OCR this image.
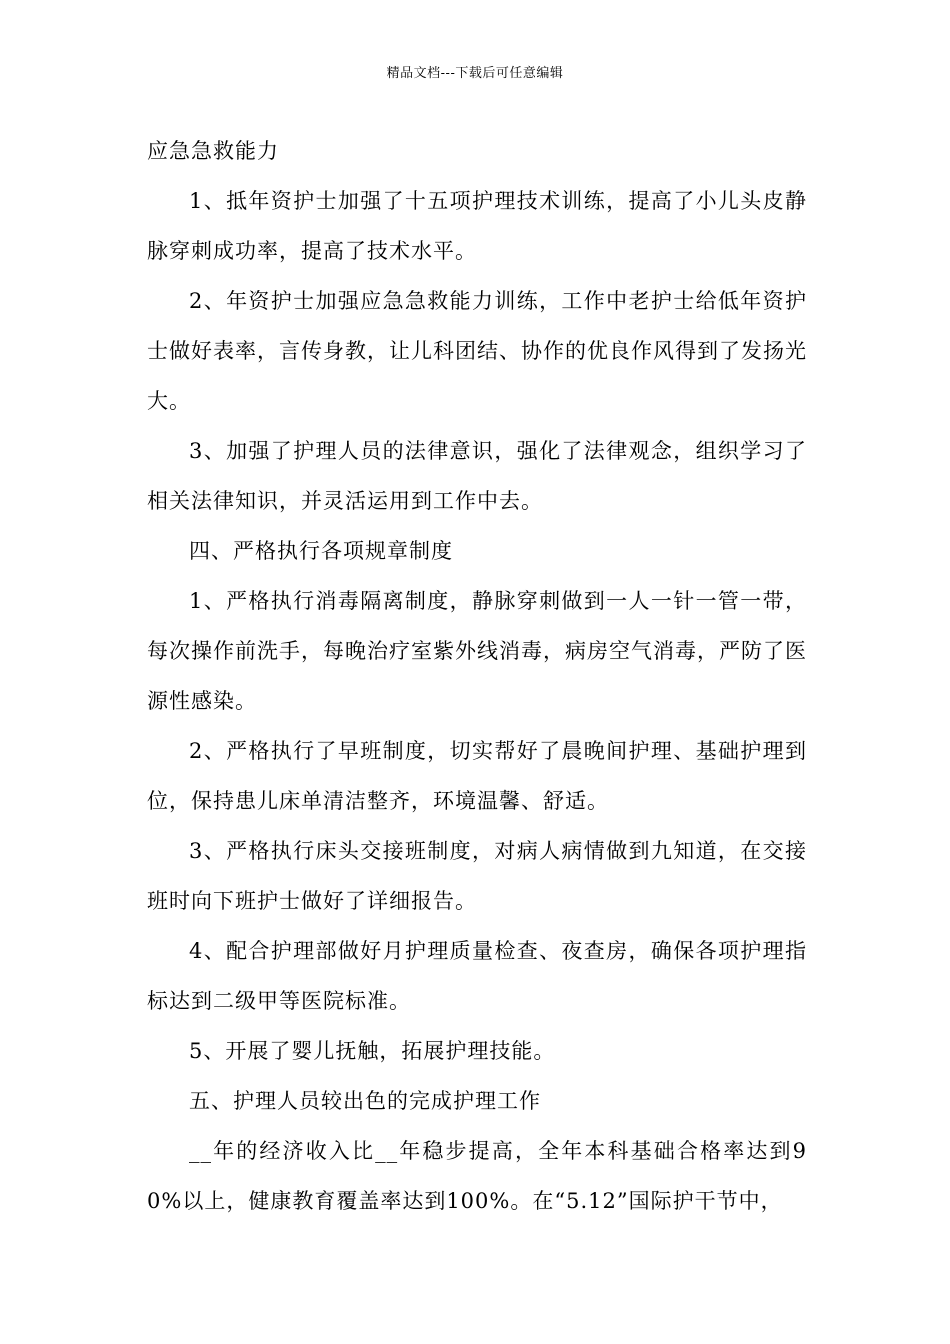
精品文档---下载后可任意编辑

应急急救能力

1、抵年资护士加强了十五项护理技术训练，提高了小儿头皮静脉穿刺成功率，提高了技术水平。

2、年资护士加强应急急救能力训练，工作中老护士给低年资护士做好表率，言传身教，让儿科团结、协作的优良作风得到了发扬光大。

3、加强了护理人员的法律意识，强化了法律观念，组织学习了相关法律知识，并灵活运用到工作中去。

四、严格执行各项规章制度

1、严格执行消毒隔离制度，静脉穿刺做到一人一针一管一带，每次操作前洗手，每晚治疗室紫外线消毒，病房空气消毒，严防了医源性感染。

2、严格执行了早班制度，切实帮好了晨晚间护理、基础护理到位，保持患儿床单清洁整齐，环境温馨、舒适。

3、严格执行床头交接班制度，对病人病情做到九知道，在交接班时向下班护士做好了详细报告。

4、配合护理部做好月护理质量检查、夜查房，确保各项护理指标达到二级甲等医院标准。

5、开展了婴儿抚触，拓展护理技能。

五、护理人员较出色的完成护理工作

__年的经济收入比__年稳步提高，全年本科基础合格率达到90%以上，健康教育覆盖率达到100%。在“5.12”国际护干节中，
